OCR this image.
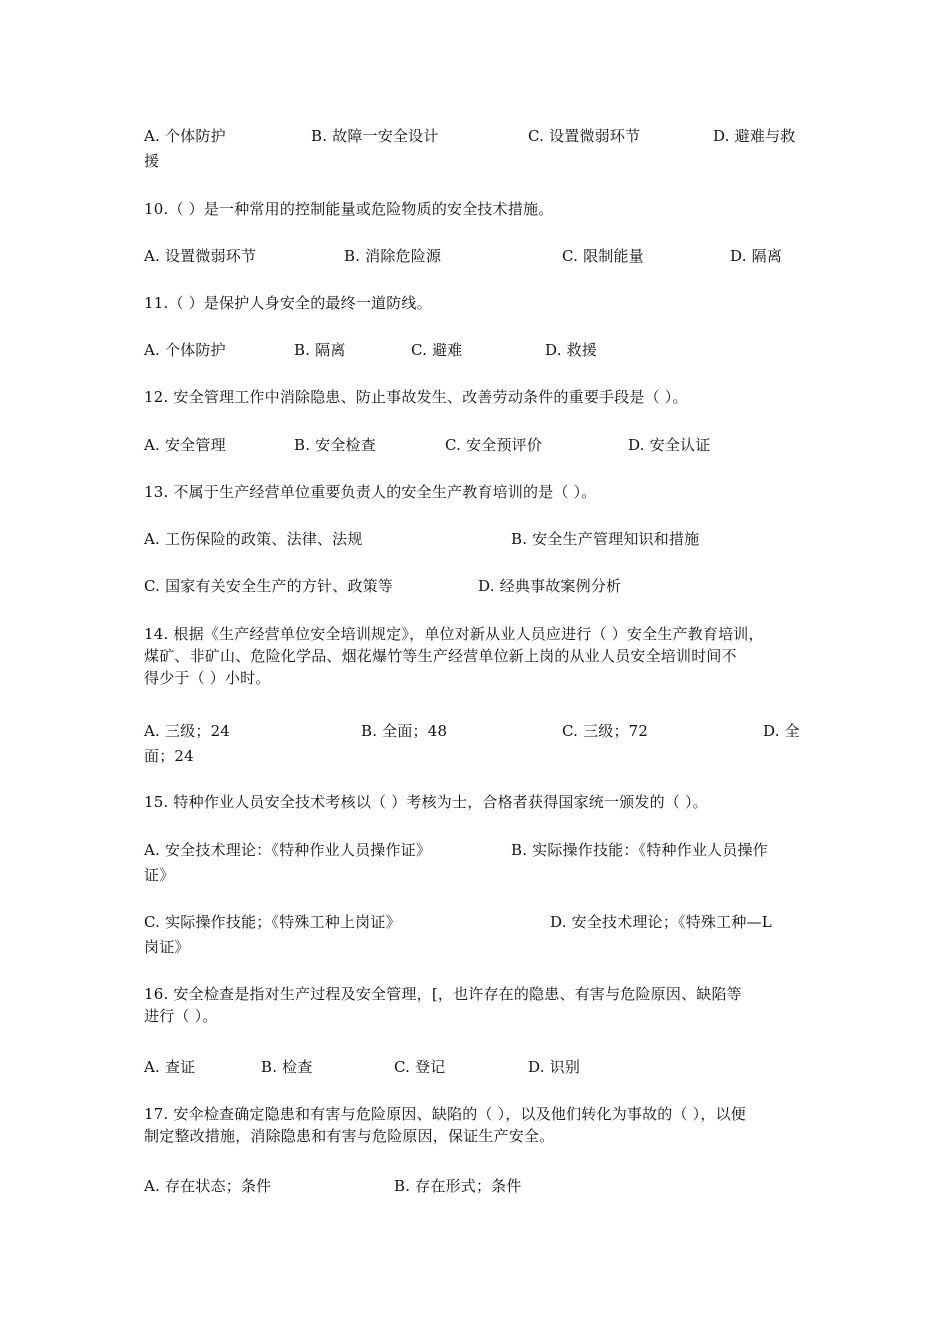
A. 个体防护	B. 故障一安全设计	C. 设置微弱环节	D. 避难与救
援
10.（ ）是一种常用的控制能量或危险物质的安全技术措施。
A. 设置微弱环节	B. 消除危险源	C. 限制能量	D. 隔离
11.（ ）是保护人身安全的最终一道防线。
A. 个体防护	B. 隔离	C. 避难	D. 救援
12. 安全管理工作中消除隐患、防止事故发生、改善劳动条件的重要手段是（ ）。
A. 安全管理	B. 安全检查	C. 安全预评价	D. 安全认证
13. 不属于生产经营单位重要负责人的安全生产教育培训的是（ ）。
A. 工伤保险的政策、法律、法规	B. 安全生产管理知识和措施
C. 国家有关安全生产的方针、政策等	D. 经典事故案例分析
14. 根据《生产经营单位安全培训规定》，单位对新从业人员应进行（ ）安全生产教育培训，
煤矿、非矿山、危险化学品、烟花爆竹等生产经营单位新上岗的从业人员安全培训时间不
得少于（ ）小时。
A. 三级；24	B. 全面；48	C. 三级；72	D. 全
面；24
15. 特种作业人员安全技术考核以（ ）考核为士，合格者获得国家统一颁发的（ ）。
A. 安全技术理论：《特种作业人员操作证》	B. 实际操作技能：《特种作业人员操作
证》
C. 实际操作技能；《特殊工种上岗证》	D. 安全技术理论；《特殊工种—L
岗证》
16. 安全检查是指对生产过程及安全管理，[，也许存在的隐患、有害与危险原因、缺陷等
进行（ ）。
A. 查证	B. 检查	C. 登记	D. 识别
17. 安伞检查确定隐患和有害与危险原因、缺陷的（ ），以及他们转化为事故的（ ），以便
制定整改措施，消除隐患和有害与危险原因，保证生产安全。
A. 存在状态；条件	B. 存在形式；条件
